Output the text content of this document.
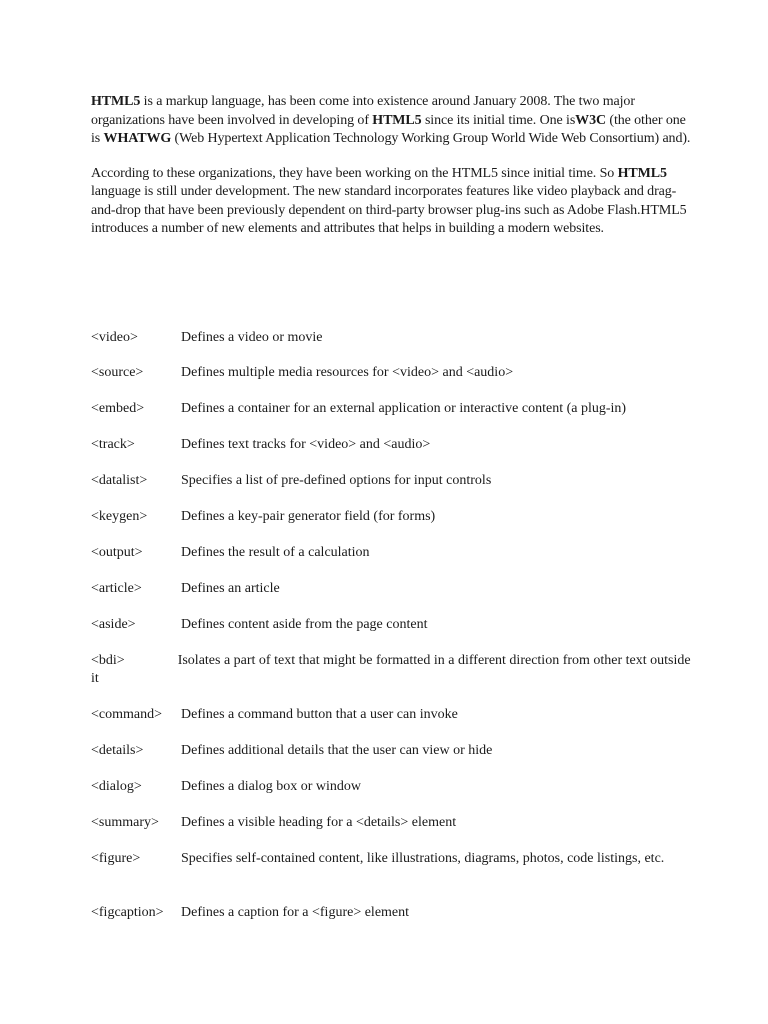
HTML5 is a markup language, has been come into existence around January 2008. The two major organizations have been involved in developing of HTML5 since its initial time. One isW3C (the other one is WHATWG (Web Hypertext Application Technology Working Group World Wide Web Consortium) and).

According to these organizations, they have been working on the HTML5 since initial time. So HTML5 language is still under development. The new standard incorporates features like video playback and drag-and-drop that have been previously dependent on third-party browser plug-ins such as Adobe Flash.HTML5 introduces a number of new elements and attributes that helps in building a modern websites.

<video>	Defines a video or movie
<source>	Defines multiple media resources for <video> and <audio>
<embed>	Defines a container for an external application or interactive content (a plug-in)
<track>	Defines text tracks for <video> and <audio>
<datalist> Specifies a list of pre-defined options for input controls
<keygen> Defines a key-pair generator field (for forms)
<output>	Defines the result of a calculation
<article>	Defines an article
<aside>	Defines content aside from the page content
<bdi>	Isolates a part of text that might be formatted in a different direction from other text outside it
<command> Defines a command button that a user can invoke
<details>	Defines additional details that the user can view or hide
<dialog>	Defines a dialog box or window
<summary> Defines a visible heading for a <details> element
<figure>	Specifies self-contained content, like illustrations, diagrams, photos, code listings, etc.
<figcaption> Defines a caption for a <figure> element
